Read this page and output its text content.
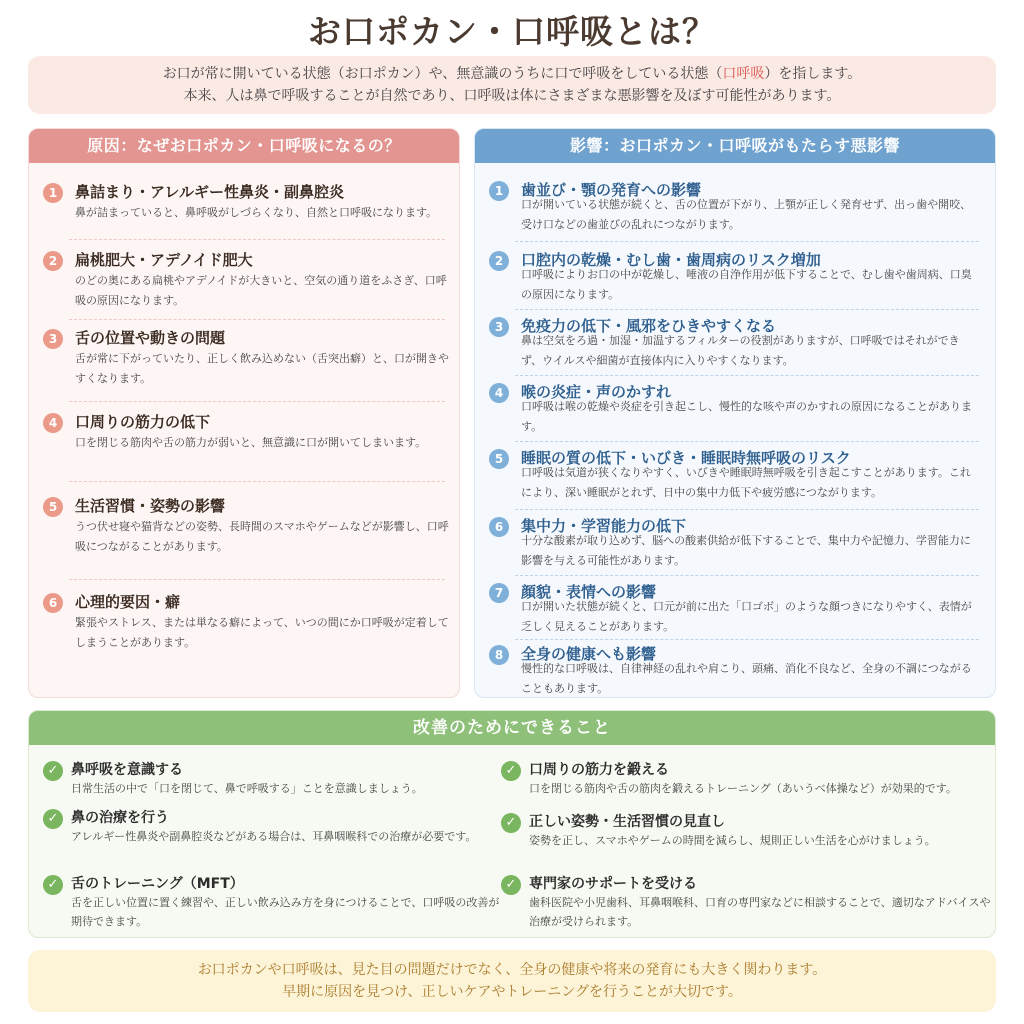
お口ポカン・口呼吸とは？
お口が常に開いている状態（お口ポカン）や、無意識のうちに口で呼吸をしている状態（口呼吸）を指します。
本来、人は鼻で呼吸することが自然であり、口呼吸は体にさまざまな悪影響を及ぼす可能性があります。
原因：なぜお口ポカン・口呼吸になるの？
1	鼻詰まり・アレルギー性鼻炎・副鼻腔炎
鼻が詰まっていると、鼻呼吸がしづらくなり、自然と口呼吸になります。
2	扁桃肥大・アデノイド肥大
のどの奥にある扁桃やアデノイドが大きいと、空気の通り道をふさぎ、口呼吸の原因になります。
3	舌の位置や動きの問題
舌が常に下がっていたり、正しく飲み込めない（舌突出癖）と、口が開きやすくなります。
4	口周りの筋力の低下
口を閉じる筋肉や舌の筋力が弱いと、無意識に口が開いてしまいます。
5	生活習慣・姿勢の影響
うつ伏せ寝や猫背などの姿勢、長時間のスマホやゲームなどが影響し、口呼吸につながることがあります。
6	心理的要因・癖
緊張やストレス、または単なる癖によって、いつの間にか口呼吸が定着してしまうことがあります。
影響：お口ポカン・口呼吸がもたらす悪影響
1	歯並び・顎の発育への影響
口が開いている状態が続くと、舌の位置が下がり、上顎が正しく発育せず、出っ歯や開咬、受け口などの歯並びの乱れにつながります。
2	口腔内の乾燥・むし歯・歯周病のリスク増加
口呼吸によりお口の中が乾燥し、唾液の自浄作用が低下することで、むし歯や歯周病、口臭の原因になります。
3	免疫力の低下・風邪をひきやすくなる
鼻は空気をろ過・加湿・加温するフィルターの役割がありますが、口呼吸ではそれができず、ウイルスや細菌が直接体内に入りやすくなります。
4	喉の炎症・声のかすれ
口呼吸は喉の乾燥や炎症を引き起こし、慢性的な咳や声のかすれの原因になることがあります。
5	睡眠の質の低下・いびき・睡眠時無呼吸のリスク
口呼吸は気道が狭くなりやすく、いびきや睡眠時無呼吸を引き起こすことがあります。これにより、深い睡眠がとれず、日中の集中力低下や疲労感につながります。
6	集中力・学習能力の低下
十分な酸素が取り込めず、脳への酸素供給が低下することで、集中力や記憶力、学習能力に影響を与える可能性があります。
7	顔貌・表情への影響
口が開いた状態が続くと、口元が前に出た「口ゴボ」のような顔つきになりやすく、表情が乏しく見えることがあります。
8	全身の健康へも影響
慢性的な口呼吸は、自律神経の乱れや肩こり、頭痛、消化不良など、全身の不調につながることもあります。
改善のためにできること
✓ 鼻呼吸を意識する
日常生活の中で「口を閉じて、鼻で呼吸する」ことを意識しましょう。
✓ 鼻の治療を行う
アレルギー性鼻炎や副鼻腔炎などがある場合は、耳鼻咽喉科での治療が必要です。
✓ 舌のトレーニング（MFT）
舌を正しい位置に置く練習や、正しい飲み込み方を身につけることで、口呼吸の改善が期待できます。
✓ 口周りの筋力を鍛える
口を閉じる筋肉や舌の筋肉を鍛えるトレーニング（あいうべ体操など）が効果的です。
✓ 正しい姿勢・生活習慣の見直し
姿勢を正し、スマホやゲームの時間を減らし、規則正しい生活を心がけましょう。
✓ 専門家のサポートを受ける
歯科医院や小児歯科、耳鼻咽喉科、口育の専門家などに相談することで、適切なアドバイスや治療が受けられます。
お口ポカンや口呼吸は、見た目の問題だけでなく、全身の健康や将来の発育にも大きく関わります。
早期に原因を見つけ、正しいケアやトレーニングを行うことが大切です。
